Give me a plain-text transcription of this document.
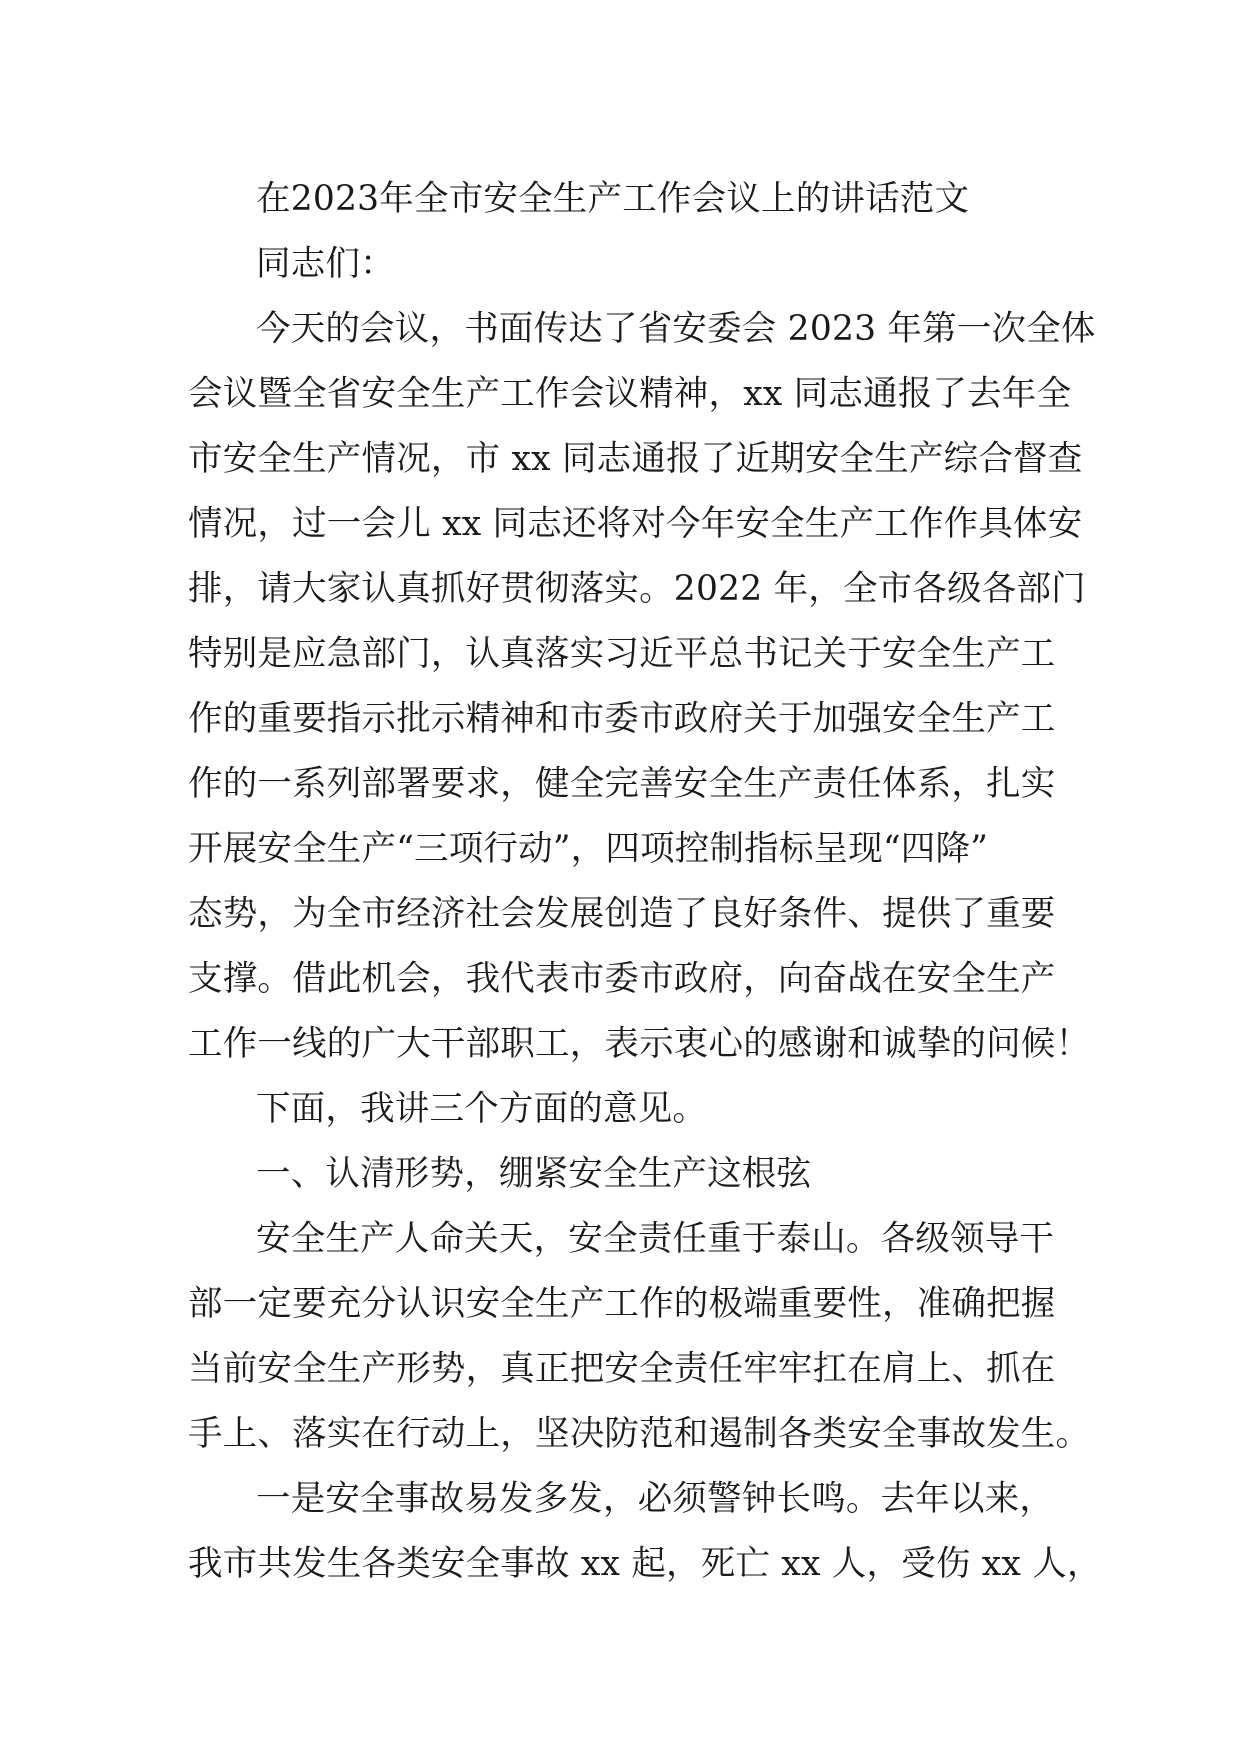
在2023年全市安全生产工作会议上的讲话范文
同志们：
今天的会议，书面传达了省安委会 2023 年第一次全体
会议暨全省安全生产工作会议精神，xx 同志通报了去年全
市安全生产情况，市 xx 同志通报了近期安全生产综合督查
情况，过一会儿 xx 同志还将对今年安全生产工作作具体安
排，请大家认真抓好贯彻落实。2022 年，全市各级各部门
特别是应急部门，认真落实习近平总书记关于安全生产工
作的重要指示批示精神和市委市政府关于加强安全生产工
作的一系列部署要求，健全完善安全生产责任体系，扎实
开展安全生产“三项行动”，四项控制指标呈现“四降”
态势，为全市经济社会发展创造了良好条件、提供了重要
支撑。借此机会，我代表市委市政府，向奋战在安全生产
工作一线的广大干部职工，表示衷心的感谢和诚挚的问候！
下面，我讲三个方面的意见。
一、认清形势，绷紧安全生产这根弦
安全生产人命关天，安全责任重于泰山。各级领导干
部一定要充分认识安全生产工作的极端重要性，准确把握
当前安全生产形势，真正把安全责任牢牢扛在肩上、抓在
手上、落实在行动上，坚决防范和遏制各类安全事故发生。
一是安全事故易发多发，必须警钟长鸣。去年以来，
我市共发生各类安全事故 xx 起，死亡 xx 人，受伤 xx 人，
